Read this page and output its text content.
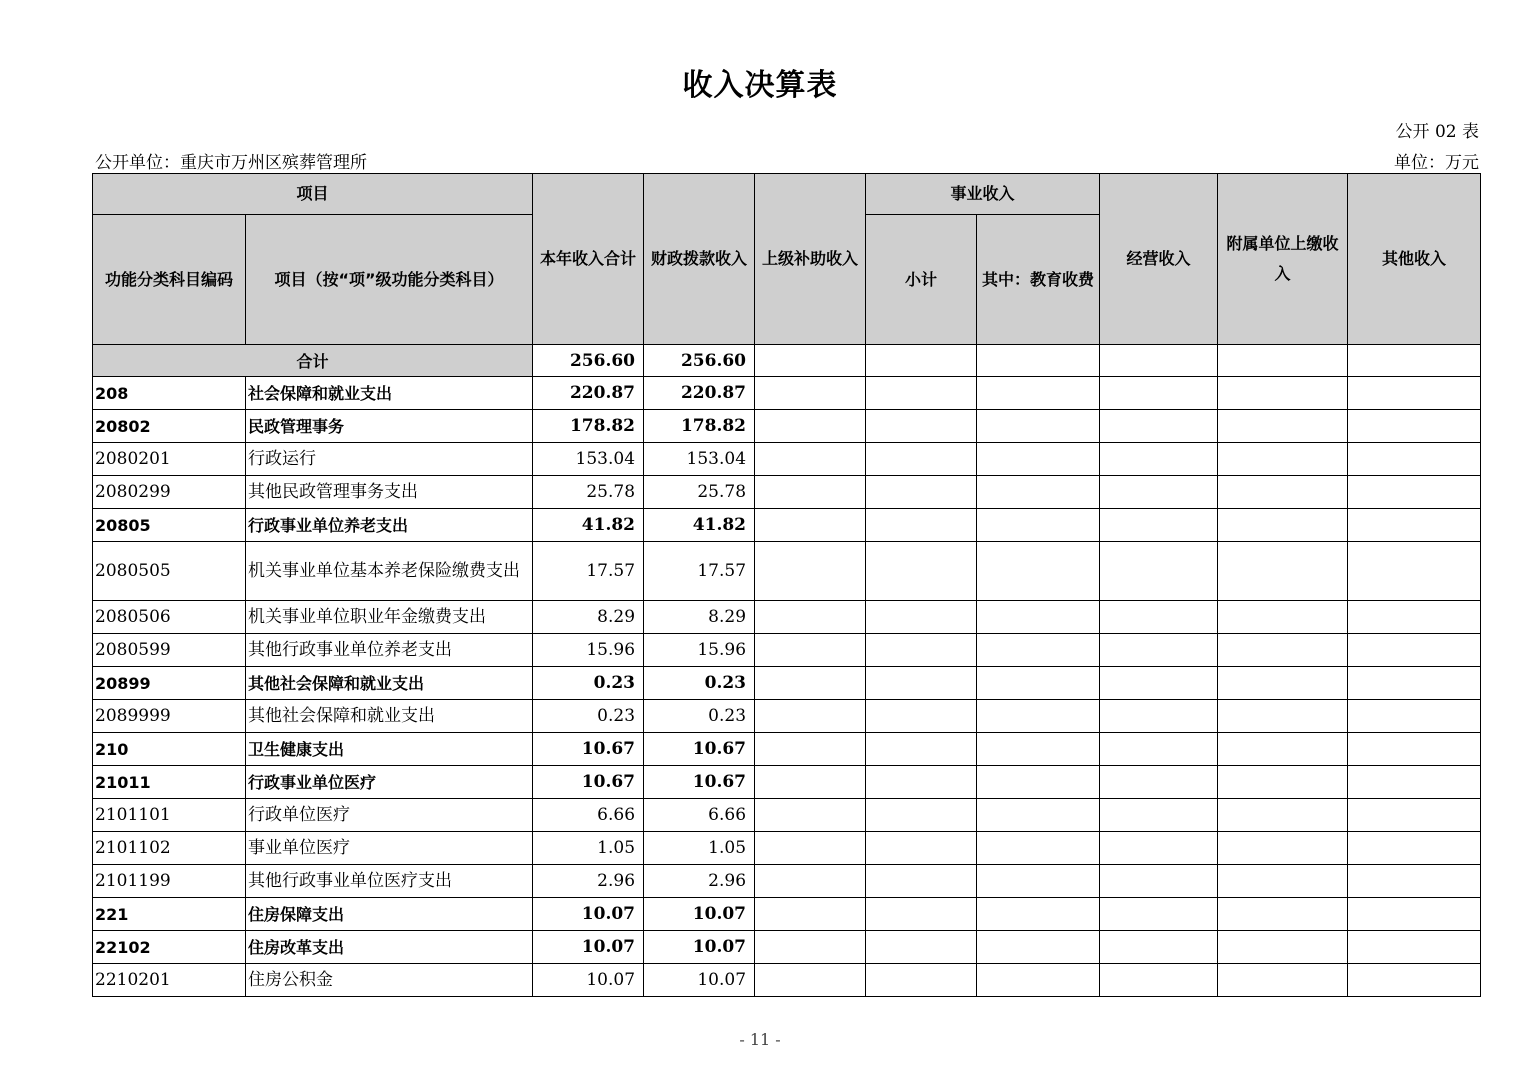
收入决算表
公开 02 表
公开单位：重庆市万州区殡葬管理所	单位：万元
项目		本年收入合计	财政拨款收入	上级补助收入	事业收入		经营收入	附属单位上缴收入	其他收入
功能分类科目编码	项目（按“项”级功能分类科目）				小计	其中：教育收费			
合计		256.60	256.60						
208	社会保障和就业支出	220.87	220.87						
20802	民政管理事务	178.82	178.82						
2080201	行政运行	153.04	153.04						
2080299	其他民政管理事务支出	25.78	25.78						
20805	行政事业单位养老支出	41.82	41.82						
2080505	机关事业单位基本养老保险缴费支出	17.57	17.57						
2080506	机关事业单位职业年金缴费支出	8.29	8.29						
2080599	其他行政事业单位养老支出	15.96	15.96						
20899	其他社会保障和就业支出	0.23	0.23						
2089999	其他社会保障和就业支出	0.23	0.23						
210	卫生健康支出	10.67	10.67						
21011	行政事业单位医疗	10.67	10.67						
2101101	行政单位医疗	6.66	6.66						
2101102	事业单位医疗	1.05	1.05						
2101199	其他行政事业单位医疗支出	2.96	2.96						
221	住房保障支出	10.07	10.07						
22102	住房改革支出	10.07	10.07						
2210201	住房公积金	10.07	10.07						
- 11 -
